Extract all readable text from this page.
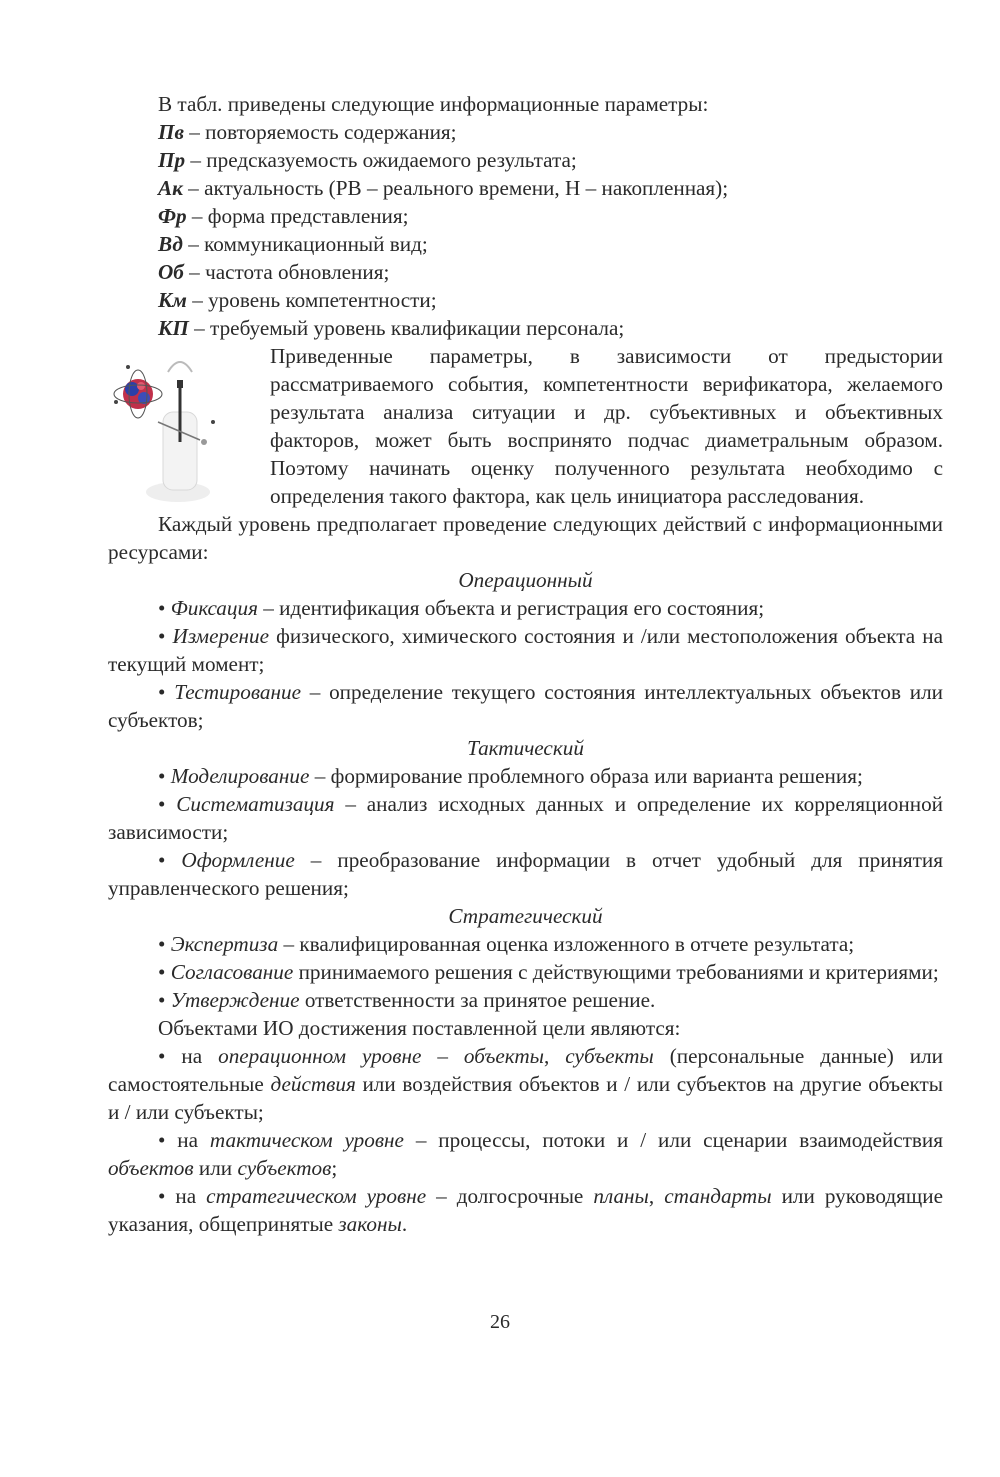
В табл. приведены следующие информационные параметры:
Пв – повторяемость содержания;
Пр – предсказуемость ожидаемого результата;
Ак – актуальность (РВ – реального времени, Н – накопленная);
Фр – форма представления;
Вд – коммуникационный вид;
Об – частота обновления;
Км – уровень компетентности;
КП – требуемый уровень квалификации персонала;
Приведенные параметры, в зависимости от предыстории рассматриваемого события, компетентности верификатора, желаемого результата анализа ситуации и др. субъективных и объективных факторов, может быть воспринято подчас диаметральным образом. Поэтому начинать оценку полученного результата необходимо с определения такого фактора, как цель инициатора расследования.
Каждый уровень предполагает проведение следующих действий с информационными ресурсами:
Операционный
• Фиксация – идентификация объекта и регистрация его состояния;
• Измерение физического, химического состояния и /или местоположения объекта на текущий момент;
• Тестирование – определение текущего состояния интеллектуальных объектов или субъектов;
Тактический
• Моделирование – формирование проблемного образа или варианта решения;
• Систематизация – анализ исходных данных и определение их корреляционной зависимости;
• Оформление – преобразование информации в отчет удобный для принятия управленческого решения;
Стратегический
• Экспертиза – квалифицированная оценка изложенного в отчете результата;
• Согласование принимаемого решения с действующими требованиями и критериями;
• Утверждение ответственности за принятое решение.
Объектами ИО достижения поставленной цели являются:
• на операционном уровне – объекты, субъекты (персональные данные) или самостоятельные действия или воздействия объектов и / или субъектов на другие объекты и / или субъекты;
• на тактическом уровне – процессы, потоки и / или сценарии взаимодействия объектов или субъектов;
• на стратегическом уровне – долгосрочные планы, стандарты или руководящие указания, общепринятые законы.
26
